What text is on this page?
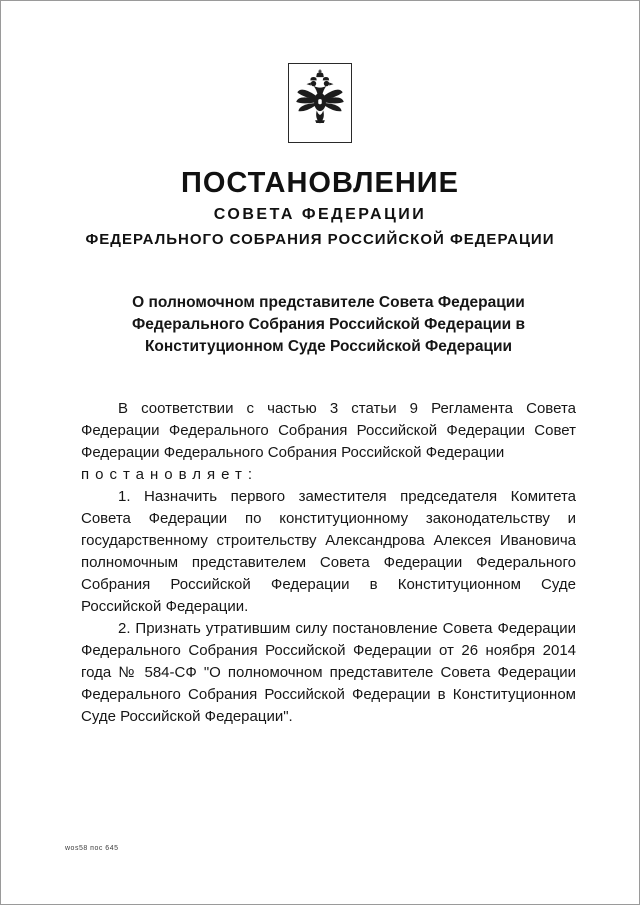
ПОСТАНОВЛЕНИЕ
СОВЕТА ФЕДЕРАЦИИ
ФЕДЕРАЛЬНОГО СОБРАНИЯ РОССИЙСКОЙ ФЕДЕРАЦИИ
О полномочном представителе Совета Федерации
Федерального Собрания Российской Федерации в
Конституционном Суде Российской Федерации

В соответствии с частью 3 статьи 9 Регламента Совета Федерации Федерального Собрания Российской Федерации Совет Федерации Федерального Собрания Российской Федерации
постановляет:

1. Назначить первого заместителя председателя Комитета Совета Федерации по конституционному законодательству и государственному строительству Александрова Алексея Ивановича полномочным представителем Совета Федерации Федерального Собрания Российской Федерации в Конституционном Суде Российской Федерации.

2. Признать утратившим силу постановление Совета Федерации Федерального Собрания Российской Федерации от 26 ноября 2014 года № 584-СФ "О полномочном представителе Совета Федерации Федерального Собрания Российской Федерации в Конституционном Суде Российской Федерации".

wos58 пос 645
